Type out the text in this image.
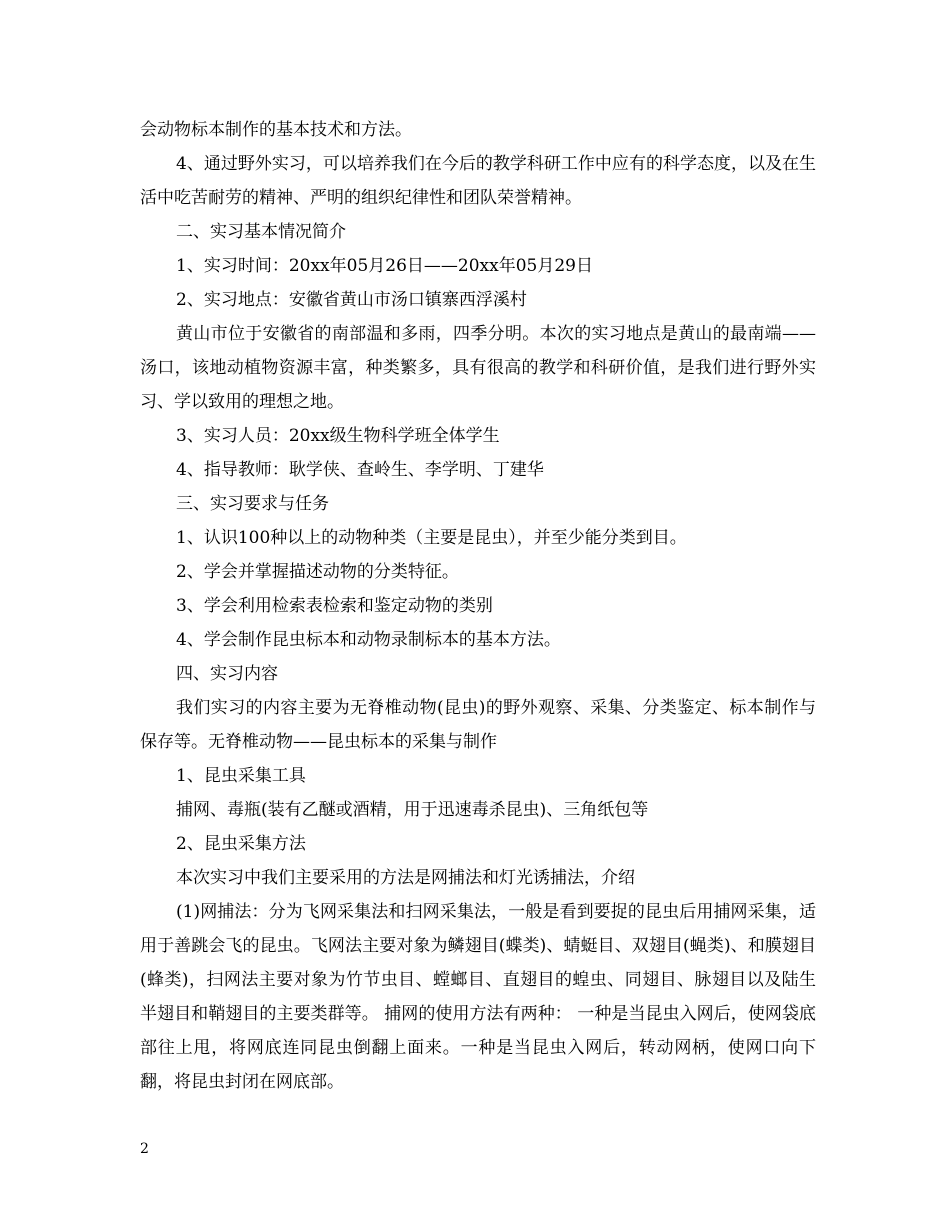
会动物标本制作的基本技术和方法。

4、通过野外实习，可以培养我们在今后的教学科研工作中应有的科学态度，以及在生活中吃苦耐劳的精神、严明的组织纪律性和团队荣誉精神。

二、实习基本情况简介

1、实习时间：20xx年05月26日——20xx年05月29日

2、实习地点：安徽省黄山市汤口镇寨西浮溪村

黄山市位于安徽省的南部温和多雨，四季分明。本次的实习地点是黄山的最南端——汤口，该地动植物资源丰富，种类繁多，具有很高的教学和科研价值，是我们进行野外实习、学以致用的理想之地。

3、实习人员：20xx级生物科学班全体学生

4、指导教师：耿学侠、查岭生、李学明、丁建华

三、实习要求与任务

1、认识100种以上的动物种类（主要是昆虫），并至少能分类到目。

2、学会并掌握描述动物的分类特征。

3、学会利用检索表检索和鉴定动物的类别

4、学会制作昆虫标本和动物录制标本的基本方法。

四、实习内容

我们实习的内容主要为无脊椎动物(昆虫)的野外观察、采集、分类鉴定、标本制作与保存等。无脊椎动物——昆虫标本的采集与制作

1、昆虫采集工具

捕网、毒瓶(装有乙醚或酒精，用于迅速毒杀昆虫)、三角纸包等

2、昆虫采集方法

本次实习中我们主要采用的方法是网捕法和灯光诱捕法，介绍

(1)网捕法：分为飞网采集法和扫网采集法，一般是看到要捉的昆虫后用捕网采集，适用于善跳会飞的昆虫。飞网法主要对象为鳞翅目(蝶类)、蜻蜓目、双翅目(蝇类)、和膜翅目(蜂类)，扫网法主要对象为竹节虫目、螳螂目、直翅目的蝗虫、同翅目、脉翅目以及陆生半翅目和鞘翅目的主要类群等。 捕网的使用方法有两种： 一种是当昆虫入网后，使网袋底部往上甩，将网底连同昆虫倒翻上面来。一种是当昆虫入网后，转动网柄，使网口向下翻，将昆虫封闭在网底部。

2
